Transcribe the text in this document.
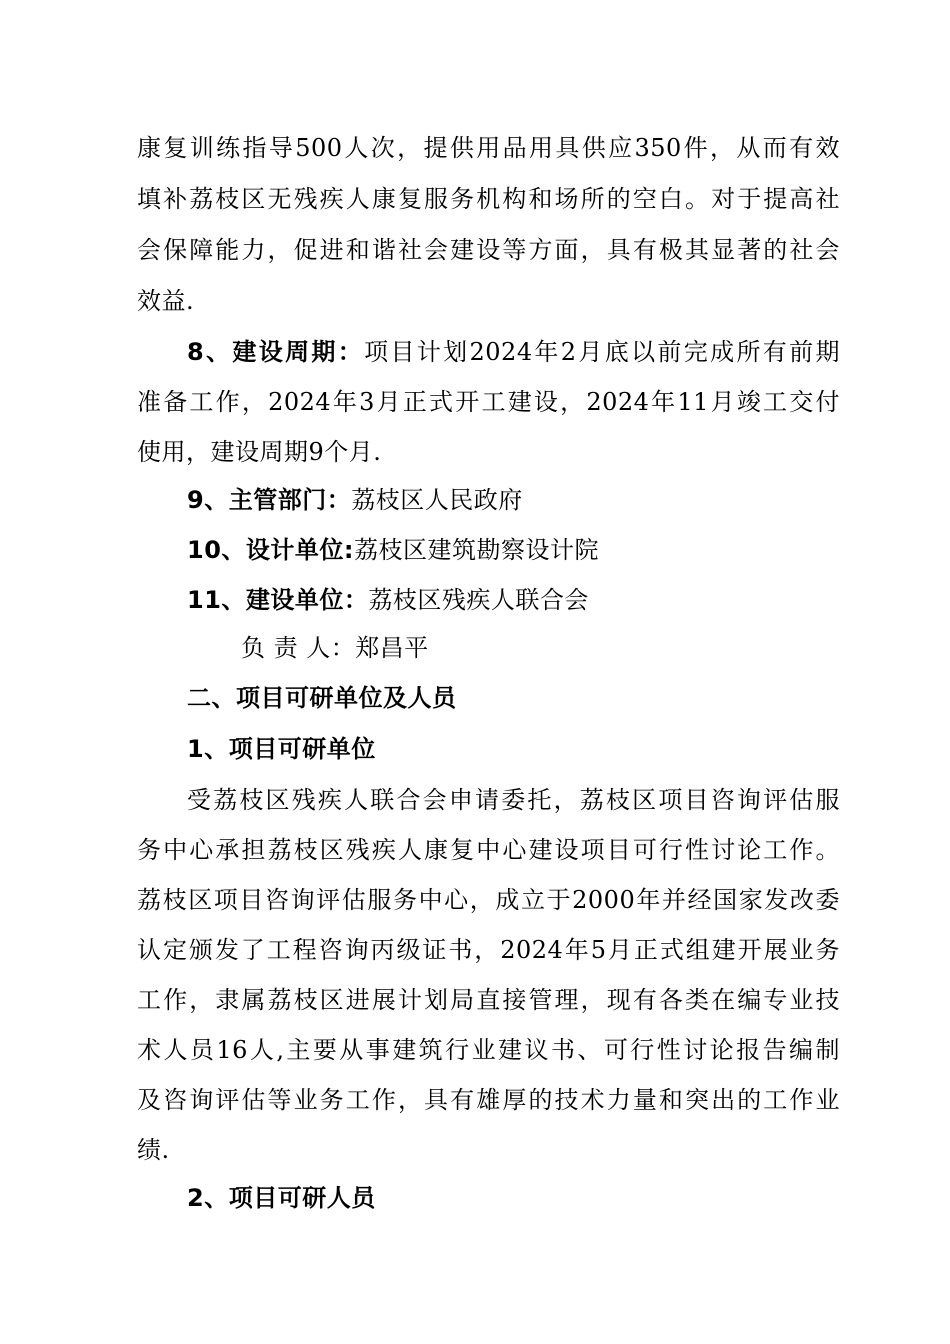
康复训练指导500人次，提供用品用具供应350件，从而有效
填补荔枝区无残疾人康复服务机构和场所的空白。对于提高社
会保障能力，促进和谐社会建设等方面，具有极其显著的社会
效益.
8、建设周期：项目计划2024年2月底以前完成所有前期
准备工作，2024年3月正式开工建设，2024年11月竣工交付
使用，建设周期9个月.
9、主管部门：荔枝区人民政府
10、设计单位:荔枝区建筑勘察设计院
11、建设单位：荔枝区残疾人联合会
负 责 人：郑昌平
二、项目可研单位及人员
1、项目可研单位
受荔枝区残疾人联合会申请委托，荔枝区项目咨询评估服
务中心承担荔枝区残疾人康复中心建设项目可行性讨论工作。
荔枝区项目咨询评估服务中心，成立于2000年并经国家发改委
认定颁发了工程咨询丙级证书，2024年5月正式组建开展业务
工作，隶属荔枝区进展计划局直接管理，现有各类在编专业技
术人员16人,主要从事建筑行业建议书、可行性讨论报告编制
及咨询评估等业务工作，具有雄厚的技术力量和突出的工作业
绩.
2、项目可研人员
